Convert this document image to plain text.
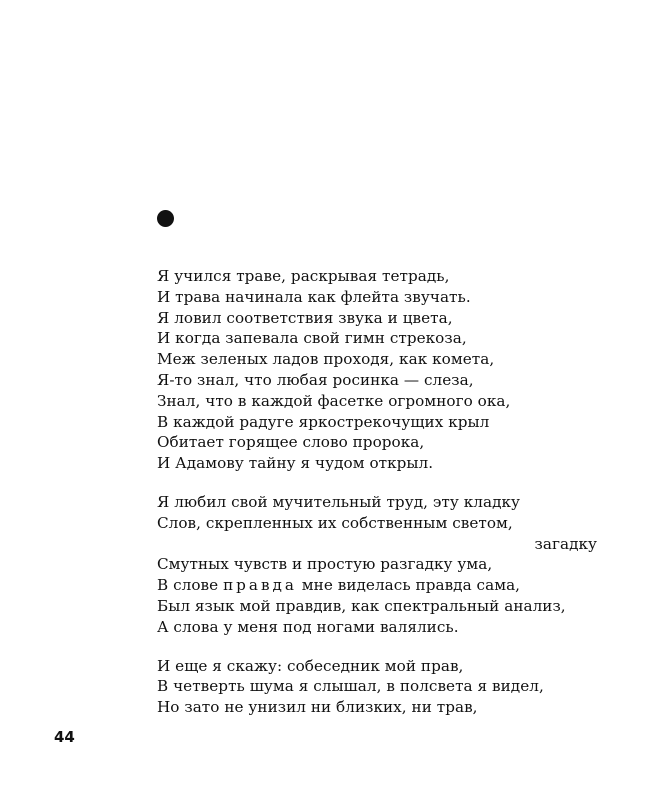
Я учился траве, раскрывая тетрадь,
И трава начинала как флейта звучать.
Я ловил соответствия звука и цвета,
И когда запевала свой гимн стрекоза,
Меж зеленых ладов проходя, как комета,
Я-то знал, что любая росинка — слеза,
Знал, что в каждой фасетке огромного ока,
В каждой радуге яркострекочущих крыл
Обитает горящее слово пророка,
И Адамову тайну я чудом открыл.
Я любил свой мучительный труд, эту кладку
Слов, скрепленных их собственным светом,
загадку
Смутных чувств и простую разгадку ума,
В слове правда мне виделась правда сама,
Был язык мой правдив, как спектральный анализ,
А слова у меня под ногами валялись.
И еще я скажу: собеседник мой прав,
В четверть шума я слышал, в полсвета я видел,
Но зато не унизил ни близких, ни трав,
44
